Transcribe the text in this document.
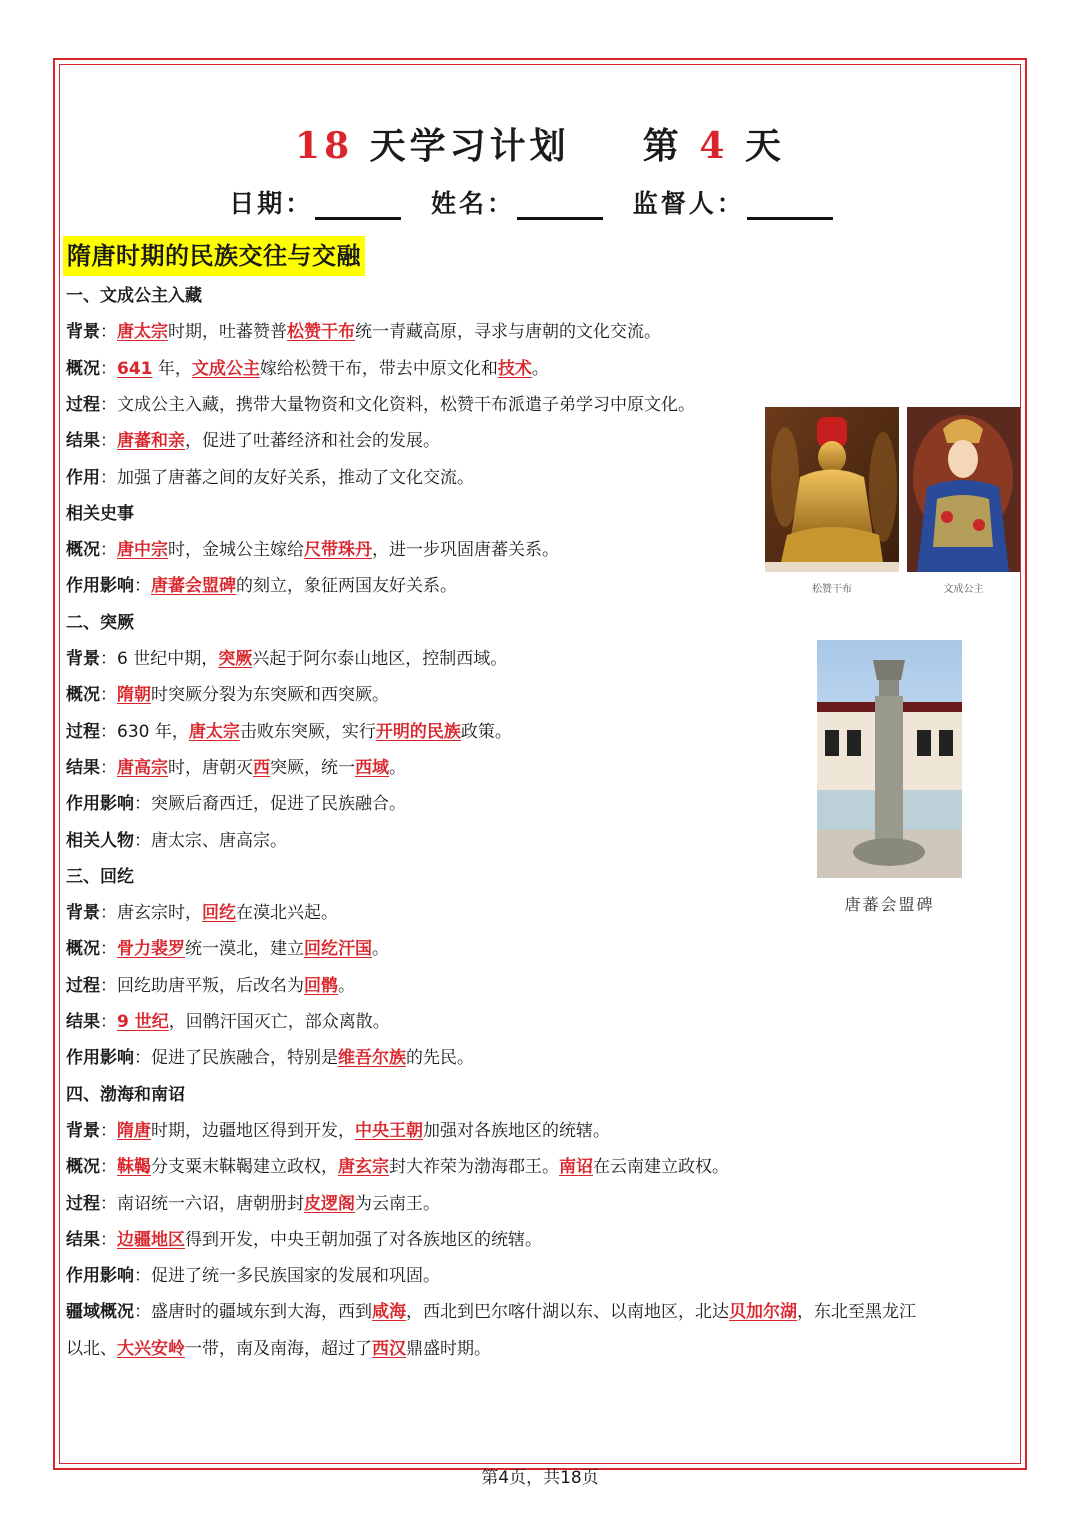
18 天学习计划 第 4 天
日期：	姓名：	监督人：
隋唐时期的民族交往与交融
一、文成公主入藏
背景：唐太宗时期，吐蕃赞普松赞干布统一青藏高原，寻求与唐朝的文化交流。
概况：641 年，文成公主嫁给松赞干布，带去中原文化和技术。
过程：文成公主入藏，携带大量物资和文化资料，松赞干布派遣子弟学习中原文化。
结果：唐蕃和亲，促进了吐蕃经济和社会的发展。
作用：加强了唐蕃之间的友好关系，推动了文化交流。
相关史事
概况：唐中宗时，金城公主嫁给尺带珠丹，进一步巩固唐蕃关系。
作用影响：唐蕃会盟碑的刻立，象征两国友好关系。
二、突厥
背景：6 世纪中期，突厥兴起于阿尔泰山地区，控制西域。
概况：隋朝时突厥分裂为东突厥和西突厥。
过程：630 年，唐太宗击败东突厥，实行开明的民族政策。
结果：唐高宗时，唐朝灭西突厥，统一西域。
作用影响：突厥后裔西迁，促进了民族融合。
相关人物：唐太宗、唐高宗。
三、回纥
背景：唐玄宗时，回纥在漠北兴起。
概况：骨力裴罗统一漠北，建立回纥汗国。
过程：回纥助唐平叛，后改名为回鹘。
结果：9 世纪，回鹘汗国灭亡，部众离散。
作用影响：促进了民族融合，特别是维吾尔族的先民。
四、渤海和南诏
背景：隋唐时期，边疆地区得到开发，中央王朝加强对各族地区的统辖。
概况：靺鞨分支粟末靺鞨建立政权，唐玄宗封大祚荣为渤海郡王。南诏在云南建立政权。
过程：南诏统一六诏，唐朝册封皮逻阁为云南王。
结果：边疆地区得到开发，中央王朝加强了对各族地区的统辖。
作用影响：促进了统一多民族国家的发展和巩固。
疆域概况：盛唐时的疆域东到大海，西到咸海，西北到巴尔喀什湖以东、以南地区，北达贝加尔湖，东北至黑龙江
以北、大兴安岭一带，南及南海，超过了西汉鼎盛时期。
松赞干布	文成公主
唐蕃会盟碑
第4页，共18页
